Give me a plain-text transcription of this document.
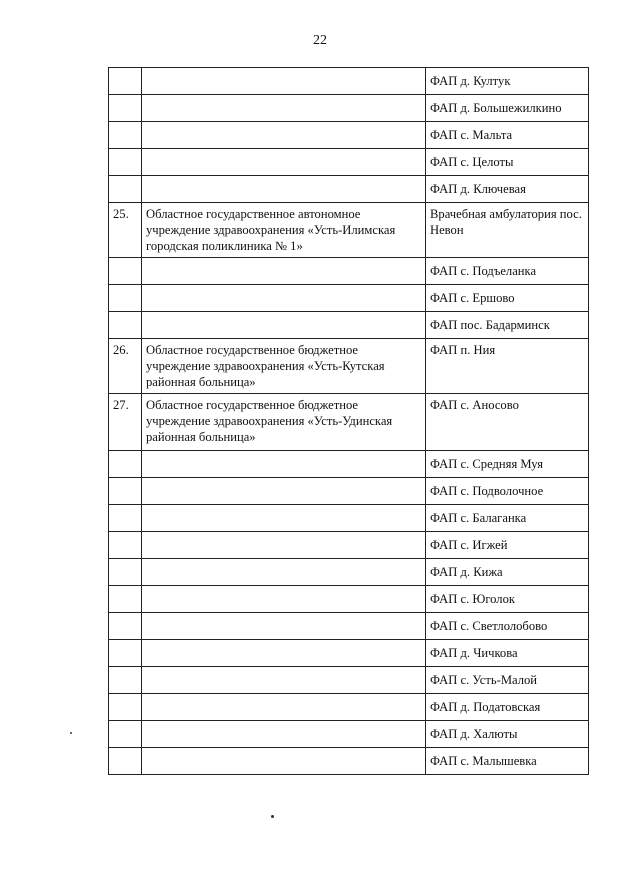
22
		ФАП д. Култук
		ФАП д. Большежилкино
		ФАП с. Мальта
		ФАП с. Целоты
		ФАП д. Ключевая
25.	Областное государственное автономное учреждение здравоохранения «Усть-Илимская городская поликлиника № 1»	Врачебная амбулатория пос. Невон
		ФАП с. Подъеланка
		ФАП с. Ершово
		ФАП пос. Бадарминск
26.	Областное государственное бюджетное учреждение здравоохранения «Усть-Кутская районная больница»	ФАП п. Ния
27.	Областное государственное бюджетное учреждение здравоохранения «Усть-Удинская районная больница»	ФАП с. Аносово
		ФАП с. Средняя Муя
		ФАП с. Подволочное
		ФАП с. Балаганка
		ФАП с. Игжей
		ФАП д. Кижа
		ФАП с. Юголок
		ФАП с. Светлолобово
		ФАП д. Чичкова
		ФАП с. Усть-Малой
		ФАП д. Податовская
		ФАП д. Халюты
		ФАП с. Малышевка
